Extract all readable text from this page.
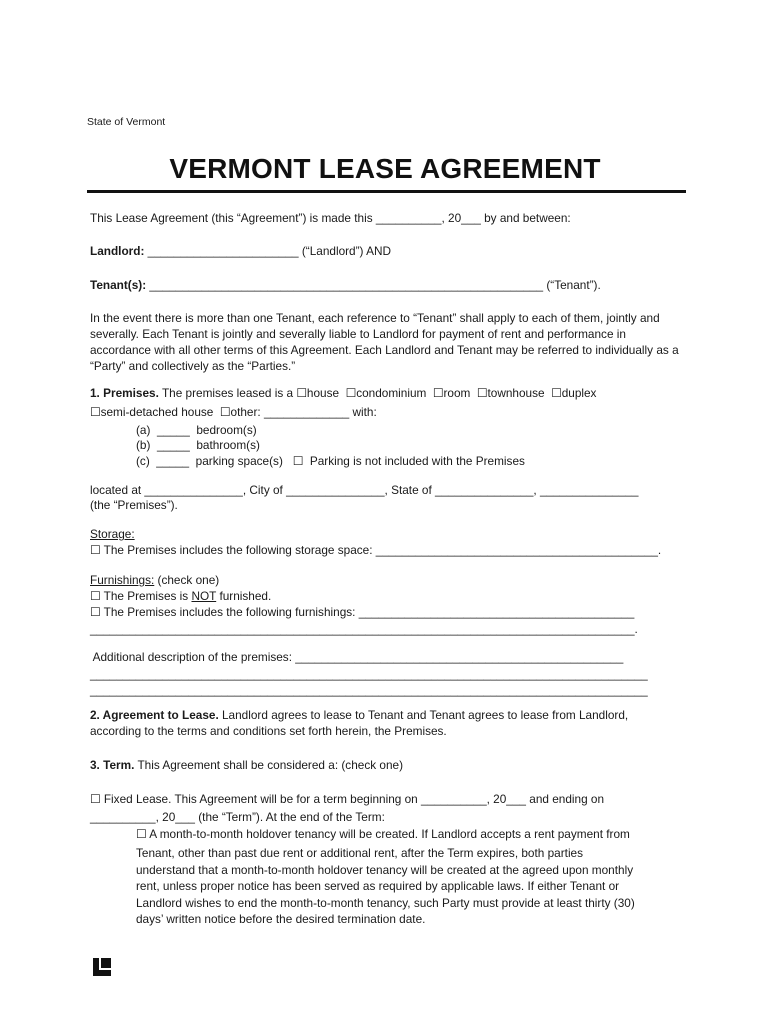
State of Vermont
VERMONT LEASE AGREEMENT
This Lease Agreement (this “Agreement”) is made this __________, 20___ by and between:
Landlord: _______________________ (“Landlord”) AND
Tenant(s): ____________________________________________________________ (“Tenant”).
In the event there is more than one Tenant, each reference to “Tenant” shall apply to each of them, jointly and severally. Each Tenant is jointly and severally liable to Landlord for payment of rent and performance in accordance with all other terms of this Agreement. Each Landlord and Tenant may be referred to individually as a “Party” and collectively as the “Parties.”
1. Premises. The premises leased is a ☐house  ☐condominium  ☐room  ☐townhouse  ☐duplex
☐semi-detached house  ☐other: _____________ with:
(a)  _____  bedroom(s)
(b)  _____  bathroom(s)
(c)  _____  parking space(s)   ☐  Parking is not included with the Premises
located at _______________, City of _______________, State of _______________, _______________
(the “Premises”).
Storage:
☐ The Premises includes the following storage space: ___________________________________________.
Furnishings: (check one)
☐ The Premises is NOT furnished.
☐ The Premises includes the following furnishings: __________________________________________
___________________________________________________________________________________.
Additional description of the premises: __________________________________________________
_____________________________________________________________________________________
_____________________________________________________________________________________
2. Agreement to Lease. Landlord agrees to lease to Tenant and Tenant agrees to lease from Landlord,
according to the terms and conditions set forth herein, the Premises.
3. Term. This Agreement shall be considered a: (check one)
☐ Fixed Lease. This Agreement will be for a term beginning on __________, 20___ and ending on
__________, 20___ (the “Term”). At the end of the Term:
☐ A month-to-month holdover tenancy will be created. If Landlord accepts a rent payment from
Tenant, other than past due rent or additional rent, after the Term expires, both parties
understand that a month-to-month holdover tenancy will be created at the agreed upon monthly
rent, unless proper notice has been served as required by applicable laws. If either Tenant or
Landlord wishes to end the month-to-month tenancy, such Party must provide at least thirty (30)
days’ written notice before the desired termination date.
